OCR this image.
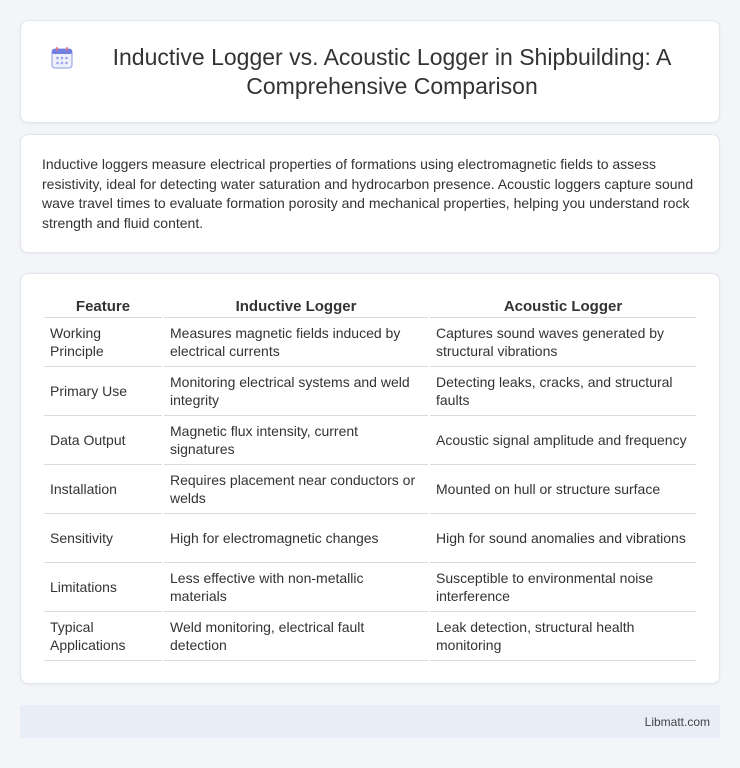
Inductive Logger vs. Acoustic Logger in Shipbuilding: A Comprehensive Comparison

Inductive loggers measure electrical properties of formations using electromagnetic fields to assess resistivity, ideal for detecting water saturation and hydrocarbon presence. Acoustic loggers capture sound wave travel times to evaluate formation porosity and mechanical properties, helping you understand rock strength and fluid content.

Feature	Inductive Logger	Acoustic Logger
Working Principle	Measures magnetic fields induced by electrical currents	Captures sound waves generated by structural vibrations
Primary Use	Monitoring electrical systems and weld integrity	Detecting leaks, cracks, and structural faults
Data Output	Magnetic flux intensity, current signatures	Acoustic signal amplitude and frequency
Installation	Requires placement near conductors or welds	Mounted on hull or structure surface
Sensitivity	High for electromagnetic changes	High for sound anomalies and vibrations
Limitations	Less effective with non-metallic materials	Susceptible to environmental noise interference
Typical Applications	Weld monitoring, electrical fault detection	Leak detection, structural health monitoring
Libmatt.com
